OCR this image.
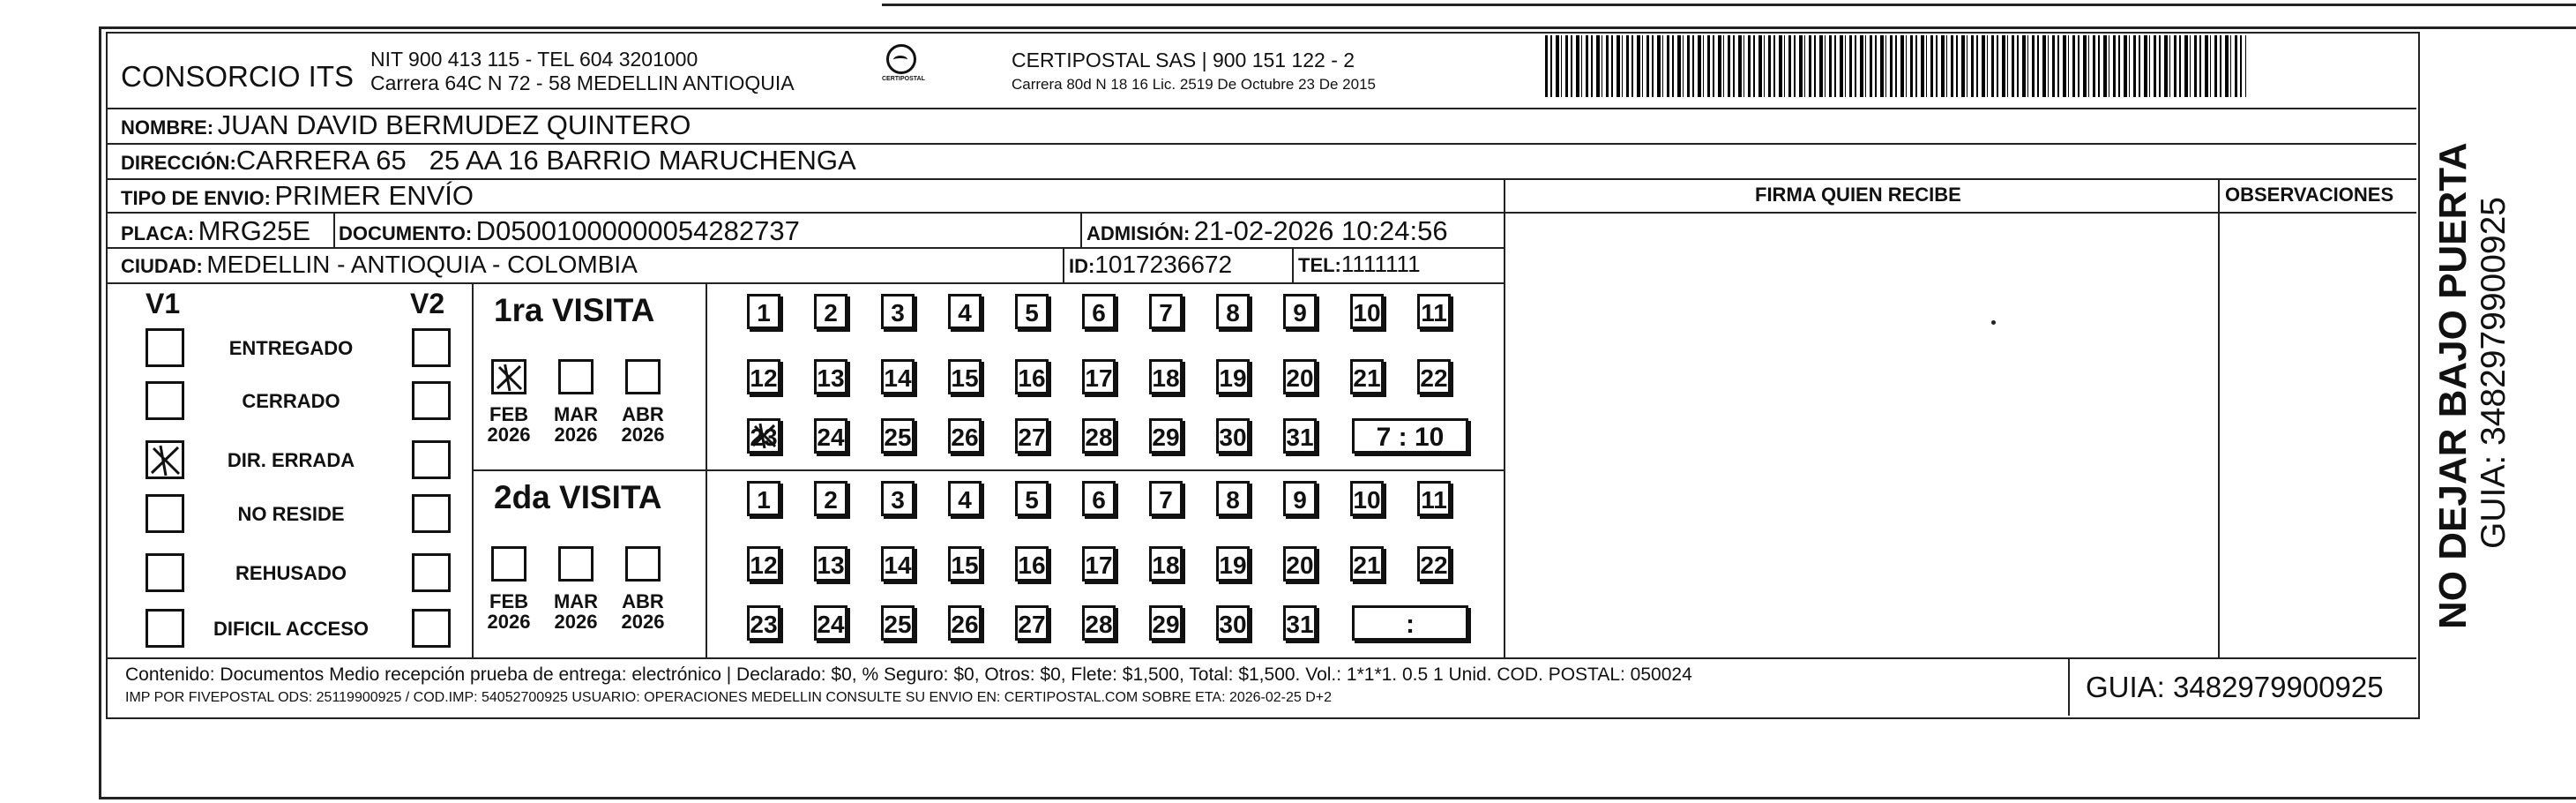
CONSORCIO ITS
NIT 900 413 115 - TEL 604 3201000
Carrera 64C N 72 - 58 MEDELLIN ANTIOQUIA	CERTIPOSTAL
CERTIPOSTAL SAS | 900 151 122 - 2
Carrera 80d N 18 16 Lic. 2519 De Octubre 23 De 2015
NOMBRE: JUAN DAVID BERMUDEZ QUINTERO
DIRECCIÓN:CARRERA 65   25 AA 16 BARRIO MARUCHENGA
TIPO DE ENVIO: PRIMER ENVÍO
PLACA: MRG25E DOCUMENTO: D05001000000054282737	ADMISIÓN: 21-02-2026 10:24:56
CIUDAD: MEDELLIN - ANTIOQUIA - COLOMBIA	ID:1017236672	TEL:1111111
FIRMA QUIEN RECIBE	OBSERVACIONES
V1	V2
ENTREGADO
CERRADO
DIR. ERRADA
NO RESIDE
REHUSADO
DIFICIL ACCESO
1ra VISITA
FEB
2026
MAR
2026
ABR
2026
1	2	3	4	5	6	7	8	9	10 11
12 13 14 15 16 17 18 19 20 21 22
23 24 25 26 27 28 29 30 31	7 : 10
2da VISITA
FEB
2026
MAR
2026
ABR
2026
1	2	3	4	5	6	7	8	9	10 11
12 13 14 15 16 17 18 19 20 21 22
23 24 25 26 27 28 29 30 31	:
Contenido: Documentos Medio recepción prueba de entrega: electrónico | Declarado: $0, % Seguro: $0, Otros: $0, Flete: $1,500, Total: $1,500. Vol.: 1*1*1. 0.5 1 Unid. COD. POSTAL: 050024
IMP POR FIVEPOSTAL ODS: 25119900925 / COD.IMP: 54052700925 USUARIO: OPERACIONES MEDELLIN CONSULTE SU ENVIO EN: CERTIPOSTAL.COM SOBRE ETA: 2026-02-25 D+2	GUIA: 3482979900925
NO DEJAR BAJO PUERTA GUIA: 3482979900925
